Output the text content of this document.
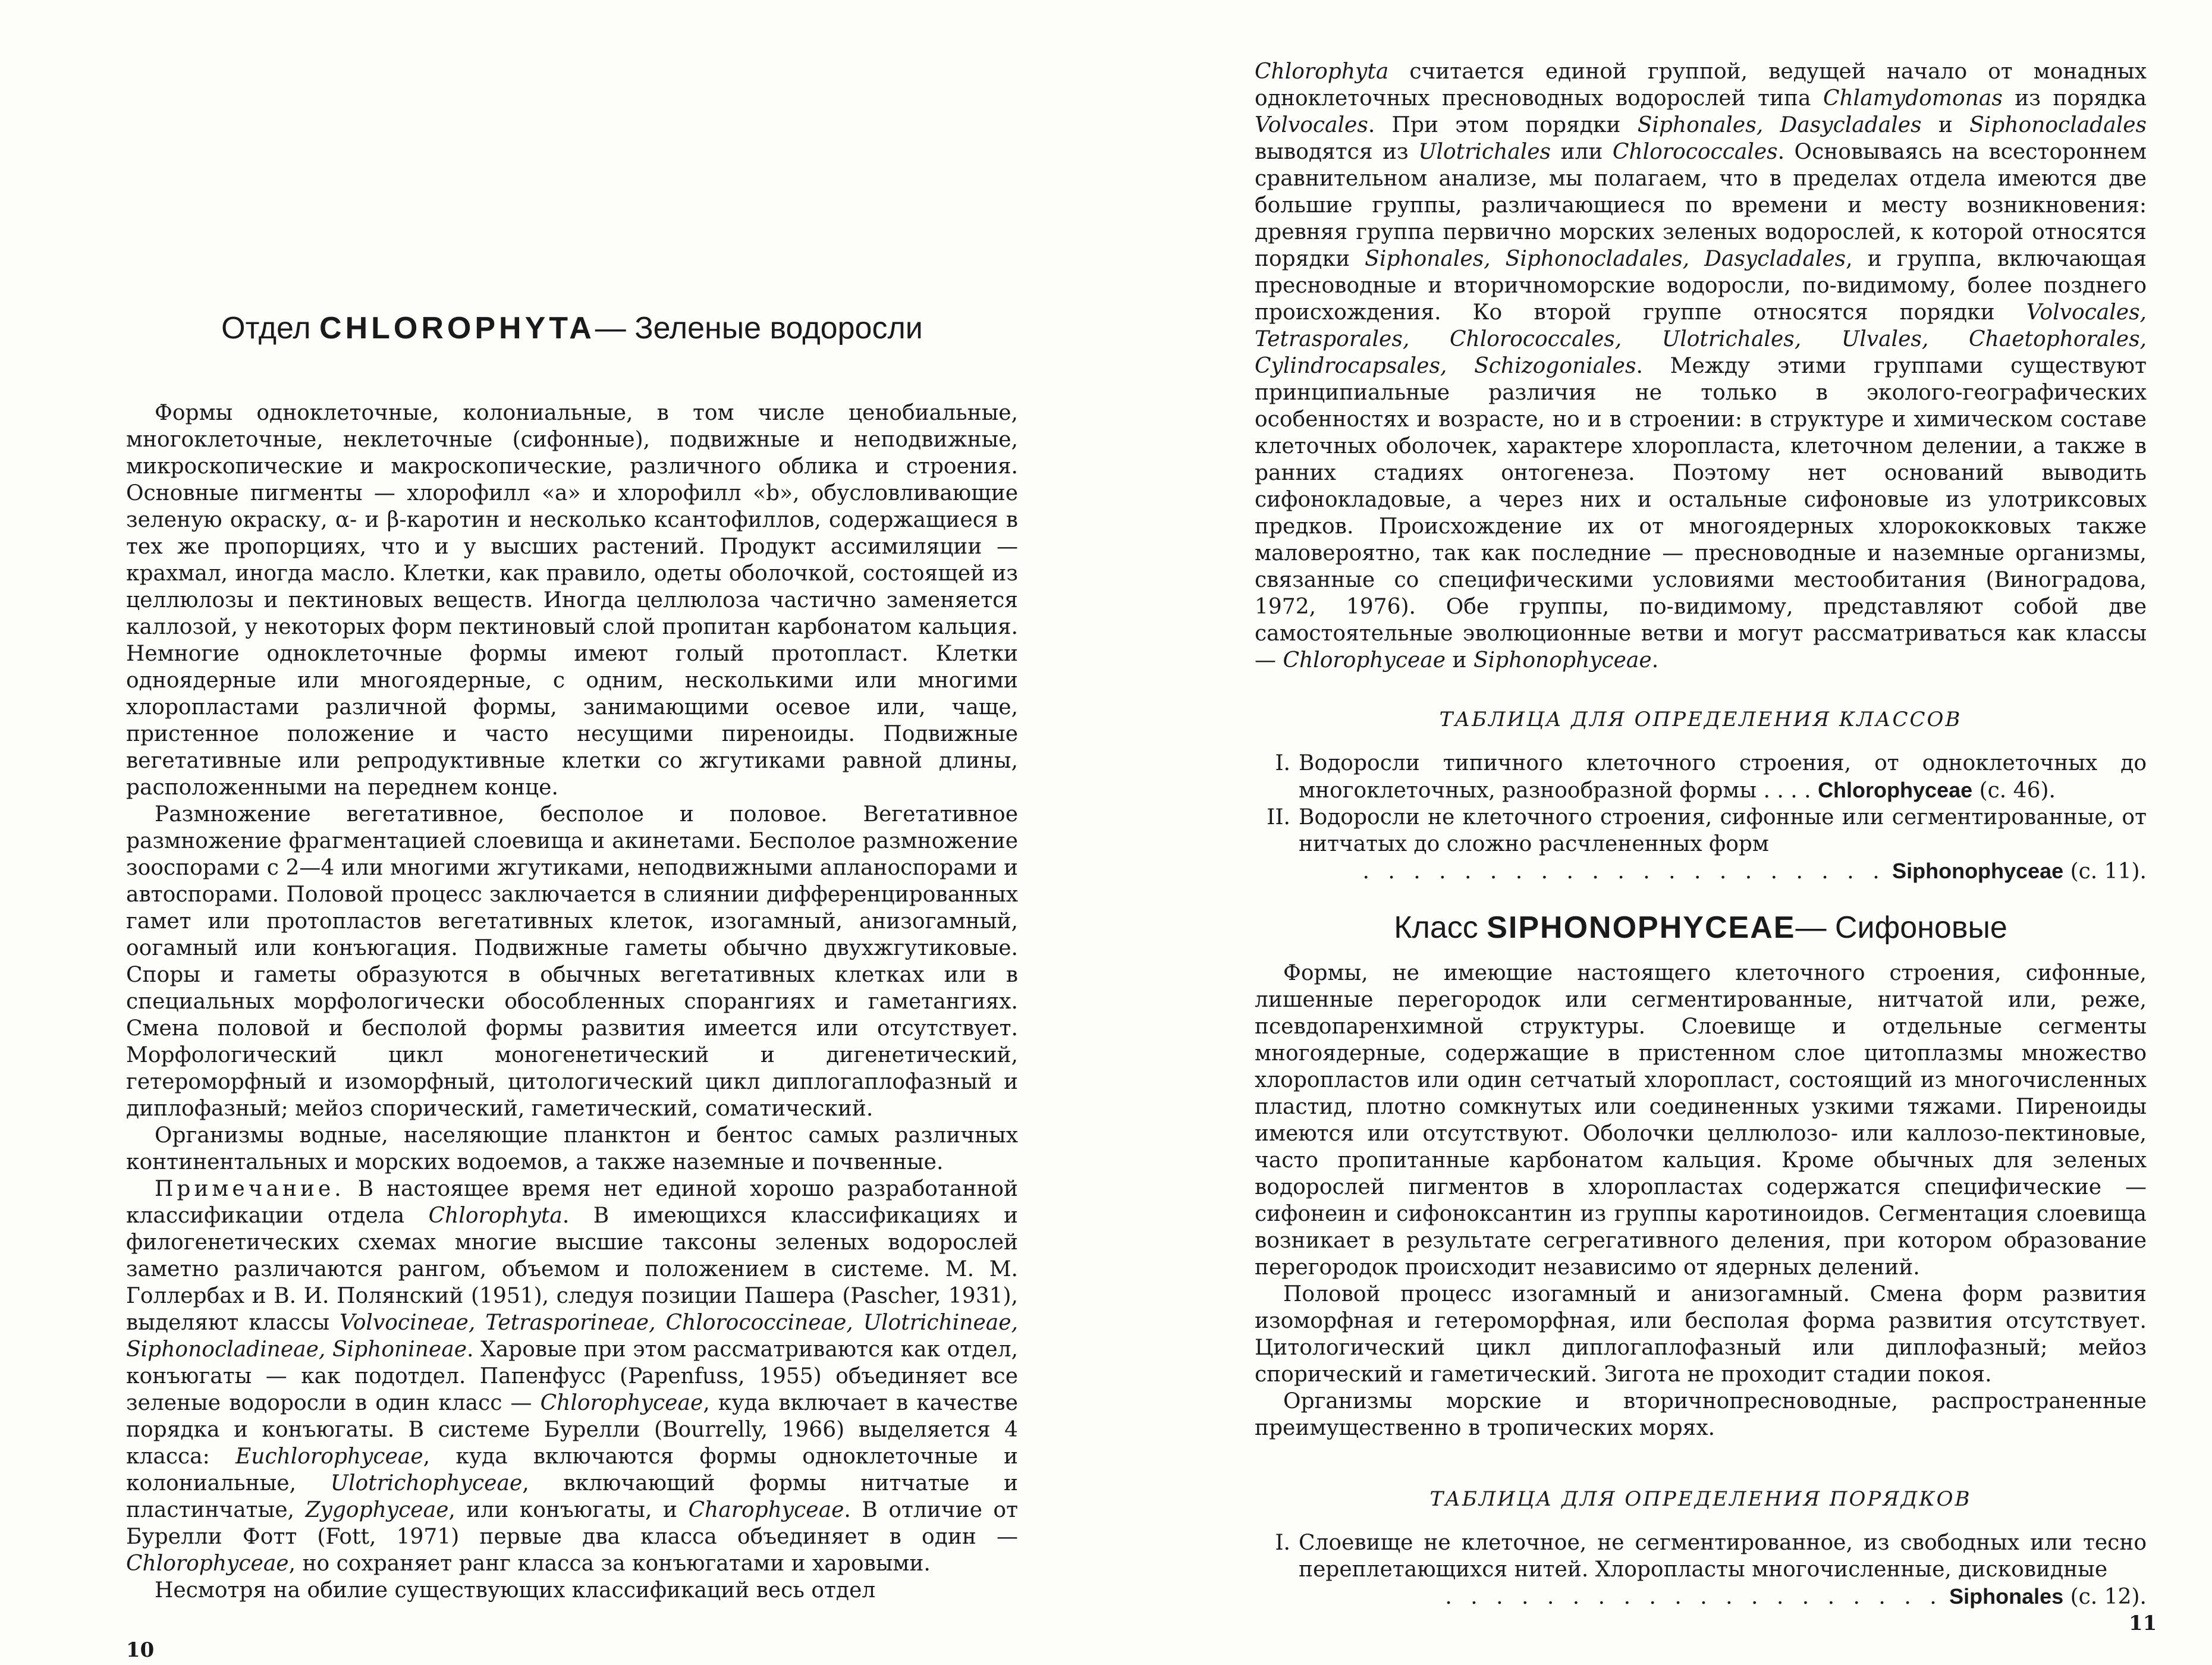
Отдел CHLOROPHYTA— Зеленые водоросли

Формы одноклеточные, колониальные, в том числе ценобиальные, многоклеточные, неклеточные (сифонные), подвижные и неподвижные, микроскопические и макроскопические, различного облика и строения. Основные пигменты — хлорофилл «а» и хлорофилл «b», обусловливающие зеленую окраску, α- и β-каротин и несколько ксантофиллов, содержащиеся в тех же пропорциях, что и у высших растений. Продукт ассимиляции — крахмал, иногда масло. Клетки, как правило, одеты оболочкой, состоящей из целлюлозы и пектиновых веществ. Иногда целлюлоза частично заменяется каллозой, у некоторых форм пектиновый слой пропитан карбонатом кальция. Немногие одноклеточные формы имеют голый протопласт. Клетки одноядерные или многоядерные, с одним, несколькими или многими хлоропластами различной формы, занимающими осевое или, чаще, пристенное положение и часто несущими пиреноиды. Подвижные вегетативные или репродуктивные клетки со жгутиками равной длины, расположенными на переднем конце.

Размножение вегетативное, бесполое и половое. Вегетативное размножение фрагментацией слоевища и акинетами. Бесполое размножение зооспорами с 2—4 или многими жгутиками, неподвижными апланоспорами и автоспорами. Половой процесс заключается в слиянии дифференцированных гамет или протопластов вегетативных клеток, изогамный, анизогамный, оогамный или конъюгация. Подвижные гаметы обычно двухжгутиковые. Споры и гаметы образуются в обычных вегетативных клетках или в специальных морфологически обособленных спорангиях и гаметангиях. Смена половой и бесполой формы развития имеется или отсутствует. Морфологический цикл моногенетический и дигенетический, гетероморфный и изоморфный, цитологический цикл диплогаплофазный и диплофазный; мейоз спорический, гаметический, соматический.

Организмы водные, населяющие планктон и бентос самых различных континентальных и морских водоемов, а также наземные и почвенные.

Примечание. В настоящее время нет единой хорошо разработанной классификации отдела Chlorophyta. В имеющихся классификациях и филогенетических схемах многие высшие таксоны зеленых водорослей заметно различаются рангом, объемом и положением в системе. М. М. Голлербах и В. И. Полянский (1951), следуя позиции Пашера (Pascher, 1931), выделяют классы Volvocineae, Tetrasporineae, Chlorococcineae, Ulotrichineae, Siphonocladineae, Siphonineae. Харовые при этом рассматриваются как отдел, конъюгаты — как подотдел. Папенфусс (Papenfuss, 1955) объединяет все зеленые водоросли в один класс — Chlorophyceae, куда включает в качестве порядка и конъюгаты. В системе Бурелли (Bourrelly, 1966) выделяется 4 класса: Euchlorophyceae, куда включаются формы одноклеточные и колониальные, Ulotrichophyceae, включающий формы нитчатые и пластинчатые, Zygophyceae, или конъюгаты, и Charophyceae. В отличие от Бурелли Фотт (Fott, 1971) первые два класса объединяет в один — Chlorophyceae, но сохраняет ранг класса за конъюгатами и харовыми.

Несмотря на обилие существующих классификаций весь отдел

10

Chlorophyta считается единой группой, ведущей начало от монадных одноклеточных пресноводных водорослей типа Chlamydomonas из порядка Volvocales. При этом порядки Siphonales, Dasycladales и Siphonocladales выводятся из Ulotrichales или Chlorococcales. Основываясь на всестороннем сравнительном анализе, мы полагаем, что в пределах отдела имеются две большие группы, различающиеся по времени и месту возникновения: древняя группа первично морских зеленых водорослей, к которой относятся порядки Siphonales, Siphonocladales, Dasycladales, и группа, включающая пресноводные и вторичноморские водоросли, по-видимому, более позднего происхождения. Ко второй группе относятся порядки Volvocales, Tetrasporales, Chlorococcales, Ulotrichales, Ulvales, Chaetophorales, Cylindrocapsales, Schizogoniales. Между этими группами существуют принципиальные различия не только в эколого-географических особенностях и возрасте, но и в строении: в структуре и химическом составе клеточных оболочек, характере хлоропласта, клеточном делении, а также в ранних стадиях онтогенеза. Поэтому нет оснований выводить сифонокладовые, а через них и остальные сифоновые из улотриксовых предков. Происхождение их от многоядерных хлорококковых также маловероятно, так как последние — пресноводные и наземные организмы, связанные со специфическими условиями местообитания (Виноградова, 1972, 1976). Обе группы, по-видимому, представляют собой две самостоятельные эволюционные ветви и могут рассматриваться как классы — Chlorophyceae и Siphonophyceae.

ТАБЛИЦА ДЛЯ ОПРЕДЕЛЕНИЯ КЛАССОВ

I. Водоросли типичного клеточного строения, от одноклеточных до многоклеточных, разнообразной формы . . . . Chlorophyceae (с. 46).
II. Водоросли не клеточного строения, сифонные или сегментированные, от нитчатых до сложно расчлененных форм
. . . . . . . . . . . . . . . . . . . . . Siphonophyceae (с. 11).

Класс SIPHONOPHYCEAE— Сифоновые

Формы, не имеющие настоящего клеточного строения, сифонные, лишенные перегородок или сегментированные, нитчатой или, реже, псевдопаренхимной структуры. Слоевище и отдельные сегменты многоядерные, содержащие в пристенном слое цитоплазмы множество хлоропластов или один сетчатый хлоропласт, состоящий из многочисленных пластид, плотно сомкнутых или соединенных узкими тяжами. Пиреноиды имеются или отсутствуют. Оболочки целлюлозо- или каллозо-пектиновые, часто пропитанные карбонатом кальция. Кроме обычных для зеленых водорослей пигментов в хлоропластах содержатся специфические — сифонеин и сифоноксантин из группы каротиноидов. Сегментация слоевища возникает в результате сегрегативного деления, при котором образование перегородок происходит независимо от ядерных делений.

Половой процесс изогамный и анизогамный. Смена форм развития изоморфная и гетероморфная, или бесполая форма развития отсутствует. Цитологический цикл диплогаплофазный или диплофазный; мейоз спорический и гаметический. Зигота не проходит стадии покоя.

Организмы морские и вторичнопресноводные, распространенные преимущественно в тропических морях.

ТАБЛИЦА ДЛЯ ОПРЕДЕЛЕНИЯ ПОРЯДКОВ

I. Слоевище не клеточное, не сегментированное, из свободных или тесно переплетающихся нитей. Хлоропласты многочисленные, дисковидные
. . . . . . . . . . . . . . . . . . . . Siphonales (с. 12).
11
